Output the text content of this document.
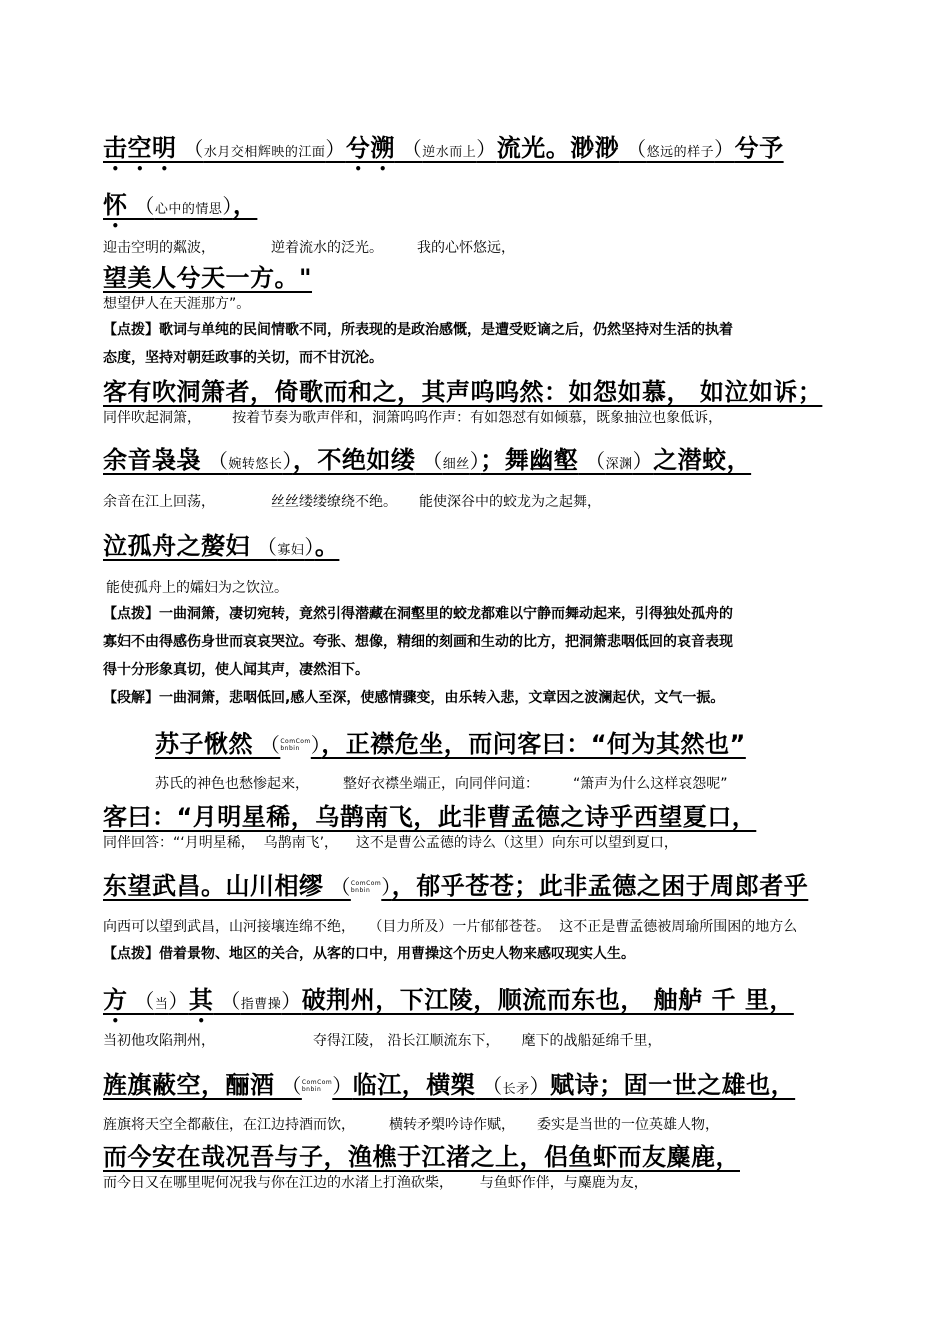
击空明 （水月交相辉映的江面）兮溯 （逆水而上）流光。渺渺 （悠远的样子）兮予
怀 （心中的情思），
迎击空明的粼波，	逆着流水的泛光。 我的心怀悠远，
望美人兮天一方。"
想望伊人在天涯那方”。

【点拨】歌词与单纯的民间情歌不同，所表现的是政治感慨，是遭受贬谪之后，仍然坚持对生活的执着

态度，坚持对朝廷政事的关切，而不甘沉沦。

客有吹洞箫者，倚歌而和之，其声呜呜然：如怨如慕， 如泣如诉；
同伴吹起洞箫，       按着节奏为歌声伴和，洞箫呜呜作声：有如怨怼有如倾慕，既象抽泣也象低诉，
余音袅袅 （婉转悠长），不绝如缕 （细丝）；舞幽壑 （深渊）之潜蛟，
余音在江上回荡，	丝丝缕缕缭绕不绝。 能使深谷中的蛟龙为之起舞，
泣孤舟之嫠妇 （寡妇）。
能使孤舟上的孀妇为之饮泣。

【点拨】一曲洞箫，凄切宛转，竟然引得潜藏在洞壑里的蛟龙都难以宁静而舞动起来，引得独处孤舟的

寡妇不由得感伤身世而哀哀哭泣。夸张、想像，精细的刻画和生动的比方，把洞箫悲咽低回的哀音表现

得十分形象真切，使人闻其声，凄然泪下。

【段解】一曲洞箫，悲咽低回,感人至深，使感情骤变，由乐转入悲，文章因之波澜起伏，文气一振。

苏子愀然 （ComCom
bnbin ），正襟危坐，而问客曰：“何为其然也”
苏氏的神色也愁惨起来， 整好衣襟坐端正，向同伴问道： “箫声为什么这样哀怨呢”
客曰：“月明星稀，乌鹊南飞，此非曹孟德之诗乎西望夏口，
同伴回答：“‘月明星稀，  乌鹊南飞’，    这不是曹公孟德的诗么（这里）向东可以望到夏口，
东望武昌。山川相缪 （ComCom
bnbin ），郁乎苍苍；此非孟德之困于周郎者乎
向西可以望到武昌，山河接壤连绵不绝，   （目力所及）一片郁郁苍苍。  这不正是曹孟德被周瑜所围困的地方么

【点拨】借着景物、地区的关合，从客的口中，用曹操这个历史人物来感叹现实人生。

方 （当）其 （指曹操）破荆州，下江陵，顺流而东也， 舳舻 千 里，
当初他攻陷荆州，	夺得江陵， 沿长江顺流东下， 麾下的战船延绵千里，
旌旗蔽空，酾酒 （ComCom
bnbin ）临江，横槊 （长矛）赋诗；固一世之雄也，
旌旗将天空全都蔽住，在江边持酒而饮， 横转矛槊吟诗作赋， 委实是当世的一位英雄人物，
而今安在哉况吾与子，渔樵于江渚之上，侣鱼虾而友麋鹿，
而今日又在哪里呢何况我与你在江边的水渚上打渔砍柴，      与鱼虾作伴，与麋鹿为友，
